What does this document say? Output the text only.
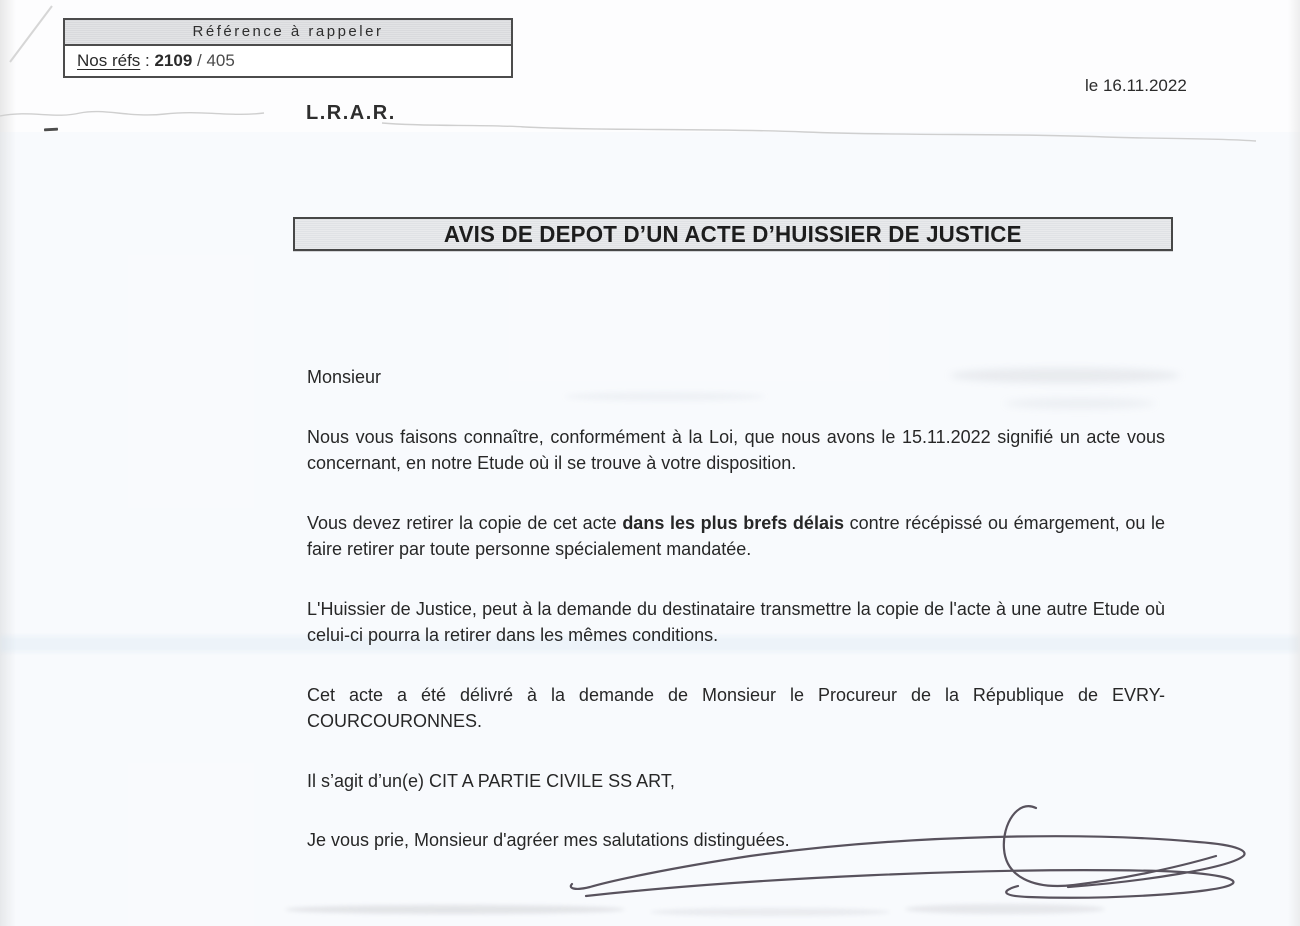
Référence à rappeler
Nos réfs : 2109 / 405
le 16.11.2022
L.R.A.R.
AVIS DE DEPOT D’UN ACTE D’HUISSIER DE JUSTICE

Monsieur

Nous vous faisons connaître, conformément à la Loi, que nous avons le 15.11.2022 signifié un acte vous concernant, en notre Etude où il se trouve à votre disposition.

Vous devez retirer la copie de cet acte dans les plus brefs délais contre récépissé ou émargement, ou le faire retirer par toute personne spécialement mandatée.

L'Huissier de Justice, peut à la demande du destinataire transmettre la copie de l'acte à une autre Etude où celui-ci pourra la retirer dans les mêmes conditions.

Cet acte a été délivré à la demande de Monsieur le Procureur de la République de EVRY-COURCOURONNES.

Il s’agit d’un(e) CIT A PARTIE CIVILE SS ART,

Je vous prie, Monsieur d'agréer mes salutations distinguées.
